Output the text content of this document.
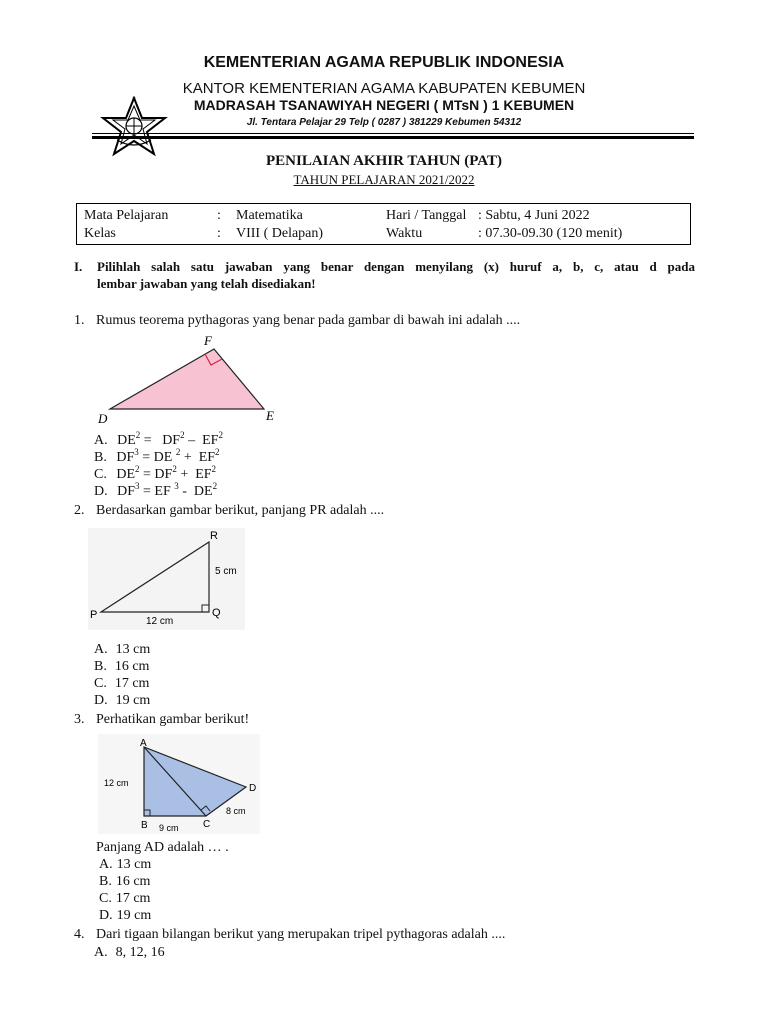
★
KEMENTERIAN AGAMA REPUBLIK INDONESIA
KANTOR KEMENTERIAN AGAMA KABUPATEN KEBUMEN
MADRASAH TSANAWIYAH NEGERI ( MTsN ) 1 KEBUMEN
Jl. Tentara Pelajar 29 Telp ( 0287 ) 381229 Kebumen 54312
PENILAIAN AKHIR TAHUN (PAT)
TAHUN PELAJARAN 2021/2022
Mata Pelajaran	: Matematika	Hari / Tanggal : Sabtu, 4 Juni 2022
Kelas	: VIII ( Delapan)	Waktu	: 07.30-09.30 (120 menit)
I. Pilihlah salah satu jawaban yang benar dengan menyilang (x) huruf a, b, c, atau d pada
lembar jawaban yang telah disediakan!
1. Rumus teorema pythagoras yang benar pada gambar di bawah ini adalah ....
F
D	E
A. $DE^2 = DF^2 - EF^2$
B. $DF^3$ = DE $^2 + EF^2$
C. $DE^2 = DF^2 + EF^2$
D. $DF^3$ = EF $^3 - DE^2$
2. Berdasarkan gambar berikut, panjang PR adalah ....
R
P	Q
5 cm
12 cm
A. 13 cm
B. 16 cm
C. 17 cm
D. 19 cm
3. Perhatikan gambar berikut!
A
B	C
D
12 cm
9 cm
8 cm
Panjang AD adalah … .
A. 13 cm
B. 16 cm
C. 17 cm
D. 19 cm
4. Dari tigaan bilangan berikut yang merupakan tripel pythagoras adalah ....
A. 8, 12, 16
